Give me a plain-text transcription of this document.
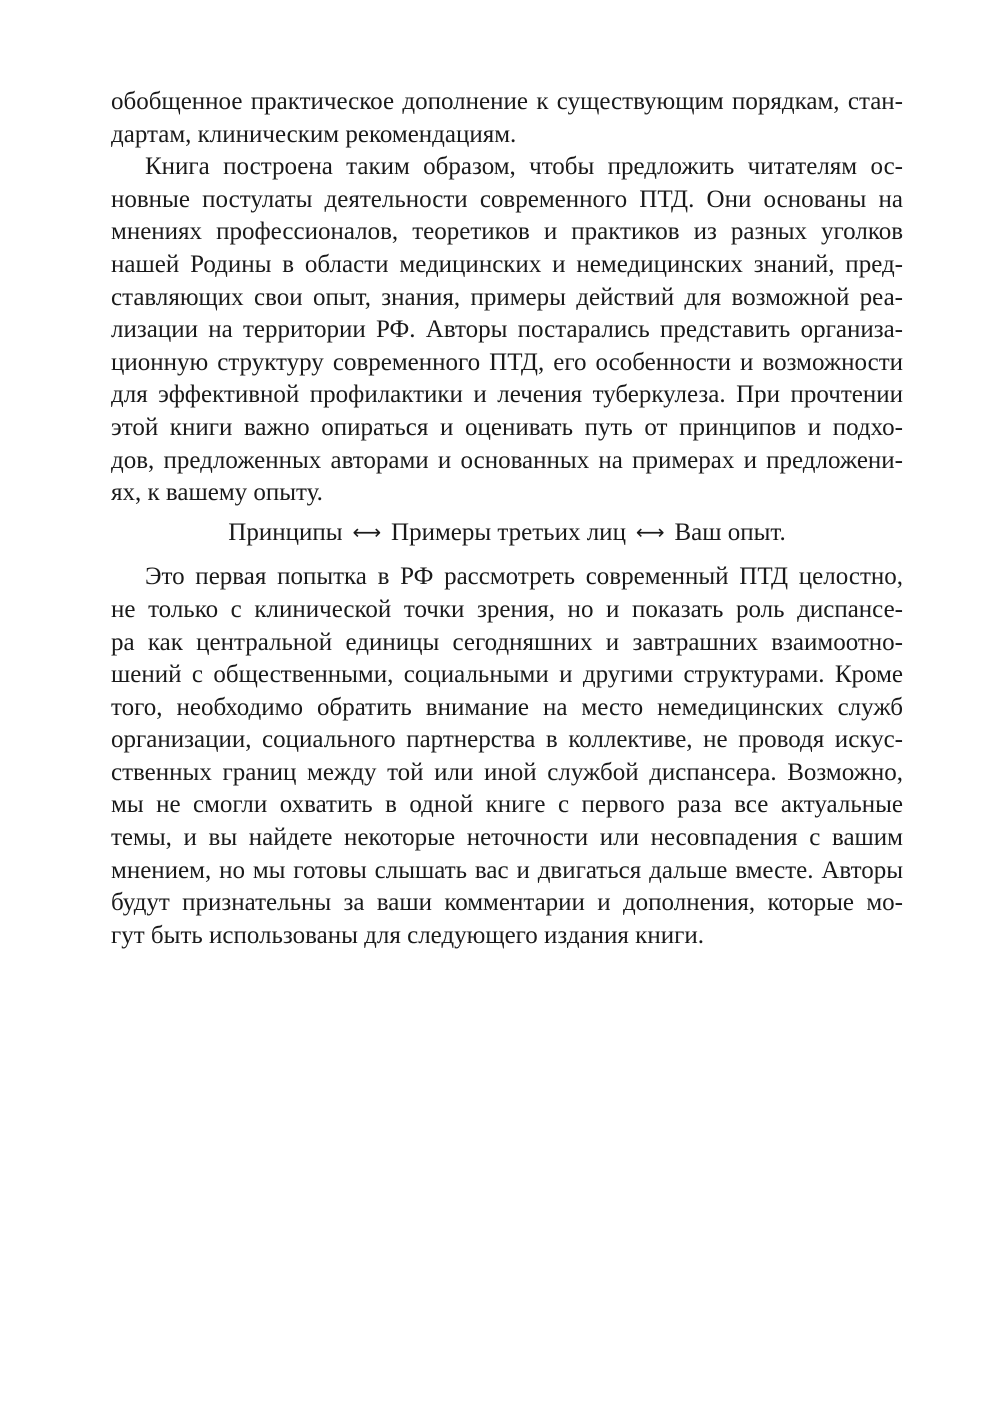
обобщенное практическое дополнение к существующим порядкам, стан-
дартам, клиническим рекомендациям.
Книга построена таким образом, чтобы предложить читателям ос-
новные постулаты деятельности современного ПТД. Они основаны на
мнениях профессионалов, теоретиков и практиков из разных уголков
нашей Родины в области медицинских и немедицинских знаний, пред-
ставляющих свои опыт, знания, примеры действий для возможной реа-
лизации на территории РФ. Авторы постарались представить организа-
ционную структуру современного ПТД, его особенности и возможности
для эффективной профилактики и лечения туберкулеза. При прочтении
этой книги важно опираться и оценивать путь от принципов и подхо-
дов, предложенных авторами и основанных на примерах и предложени-
ях, к вашему опыту.
Принципы ⟷ Примеры третьих лиц ⟷ Ваш опыт.
Это первая попытка в РФ рассмотреть современный ПТД целостно,
не только с клинической точки зрения, но и показать роль диспансе-
ра как центральной единицы сегодняшних и завтрашних взаимоотно-
шений с общественными, социальными и другими структурами. Кроме
того, необходимо обратить внимание на место немедицинских служб
организации, социального партнерства в коллективе, не проводя искус-
ственных границ между той или иной службой диспансера. Возможно,
мы не смогли охватить в одной книге с первого раза все актуальные
темы, и вы найдете некоторые неточности или несовпадения с вашим
мнением, но мы готовы слышать вас и двигаться дальше вместе. Авторы
будут признательны за ваши комментарии и дополнения, которые мо-
гут быть использованы для следующего издания книги.
